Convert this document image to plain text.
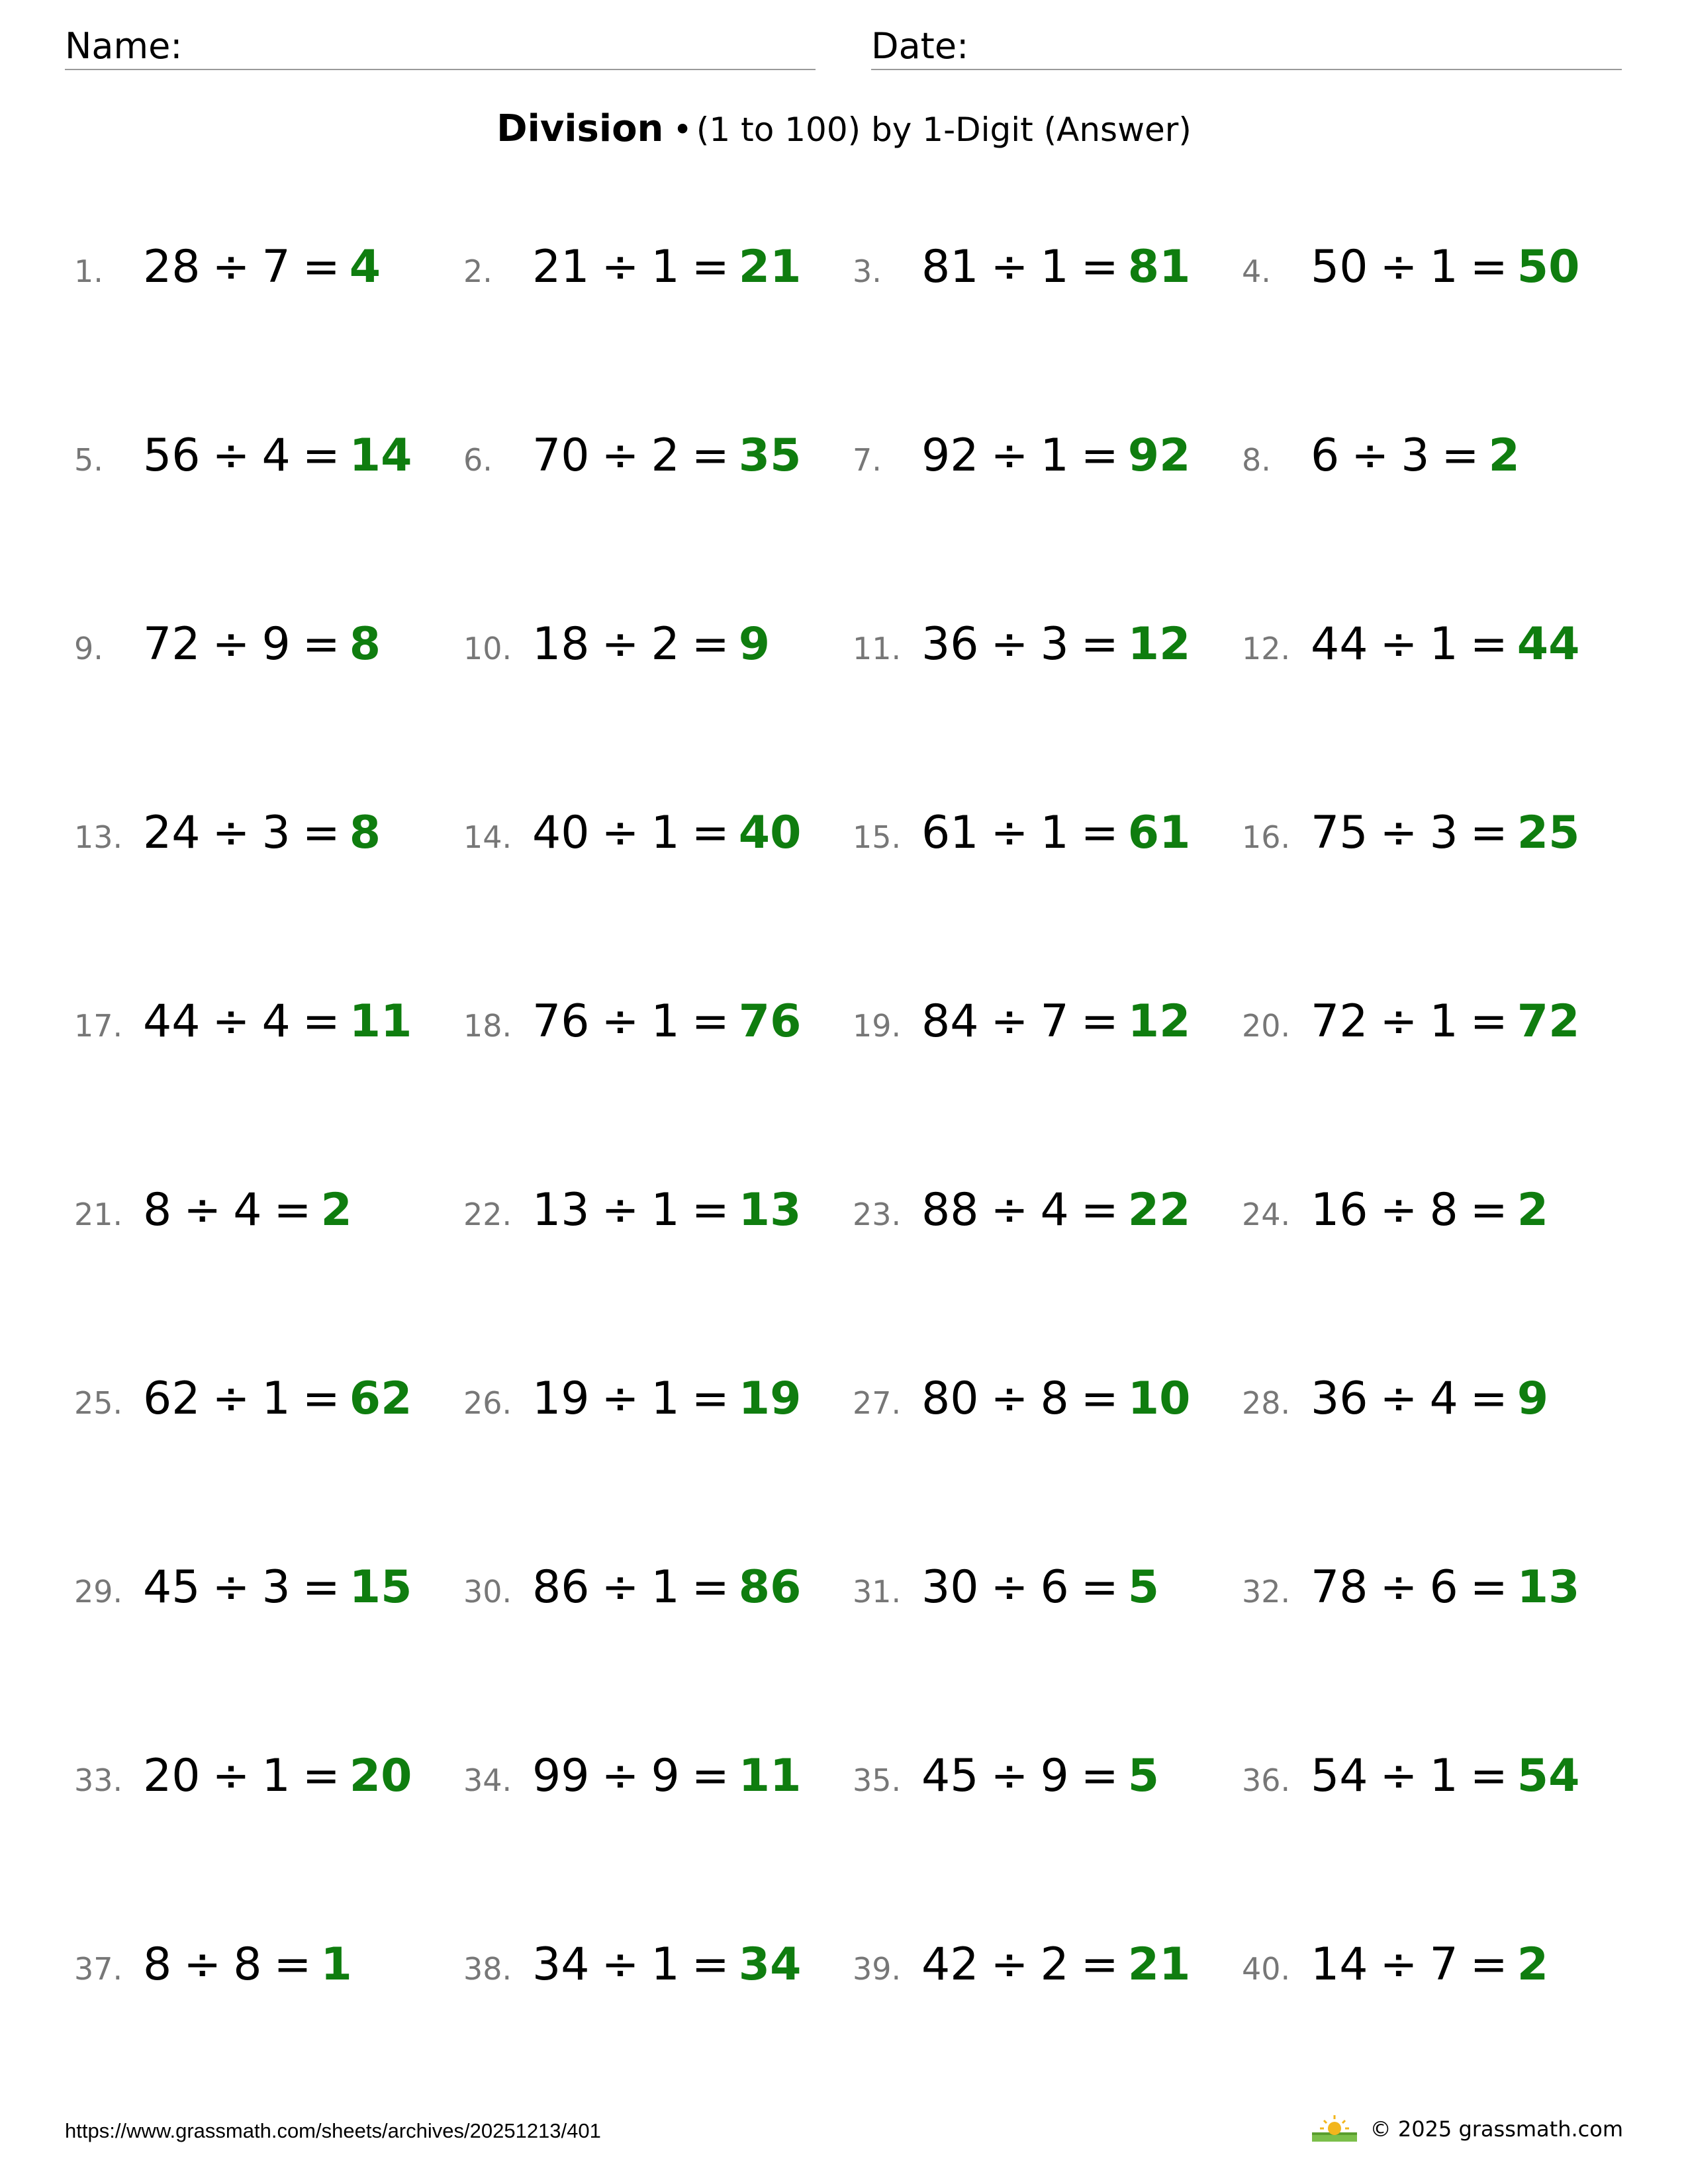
Name:	Date:
Division • (1 to 100) by 1-Digit (Answer)
1. 28 ÷ 7 = 4	2. 21 ÷ 1 = 21 3. 81 ÷ 1 = 81 4. 50 ÷ 1 = 50
5. 56 ÷ 4 = 14 6. 70 ÷ 2 = 35 7. 92 ÷ 1 = 92 8. 6 ÷ 3 = 2
9. 72 ÷ 9 = 8	10. 18 ÷ 2 = 9	11. 36 ÷ 3 = 12 12. 44 ÷ 1 = 44
13. 24 ÷ 3 = 8	14. 40 ÷ 1 = 40 15. 61 ÷ 1 = 61 16. 75 ÷ 3 = 25
17. 44 ÷ 4 = 11 18. 76 ÷ 1 = 76 19. 84 ÷ 7 = 12 20. 72 ÷ 1 = 72
21. 8 ÷ 4 = 2	22. 13 ÷ 1 = 13 23. 88 ÷ 4 = 22 24. 16 ÷ 8 = 2
25. 62 ÷ 1 = 62 26. 19 ÷ 1 = 19 27. 80 ÷ 8 = 10 28. 36 ÷ 4 = 9
29. 45 ÷ 3 = 15 30. 86 ÷ 1 = 86 31. 30 ÷ 6 = 5	32. 78 ÷ 6 = 13
33. 20 ÷ 1 = 20 34. 99 ÷ 9 = 11 35. 45 ÷ 9 = 5	36. 54 ÷ 1 = 54
37. 8 ÷ 8 = 1	38. 34 ÷ 1 = 34 39. 42 ÷ 2 = 21 40. 14 ÷ 7 = 2
https://www.grassmath.com/sheets/archives/20251213/401	© 2025 grassmath.com
